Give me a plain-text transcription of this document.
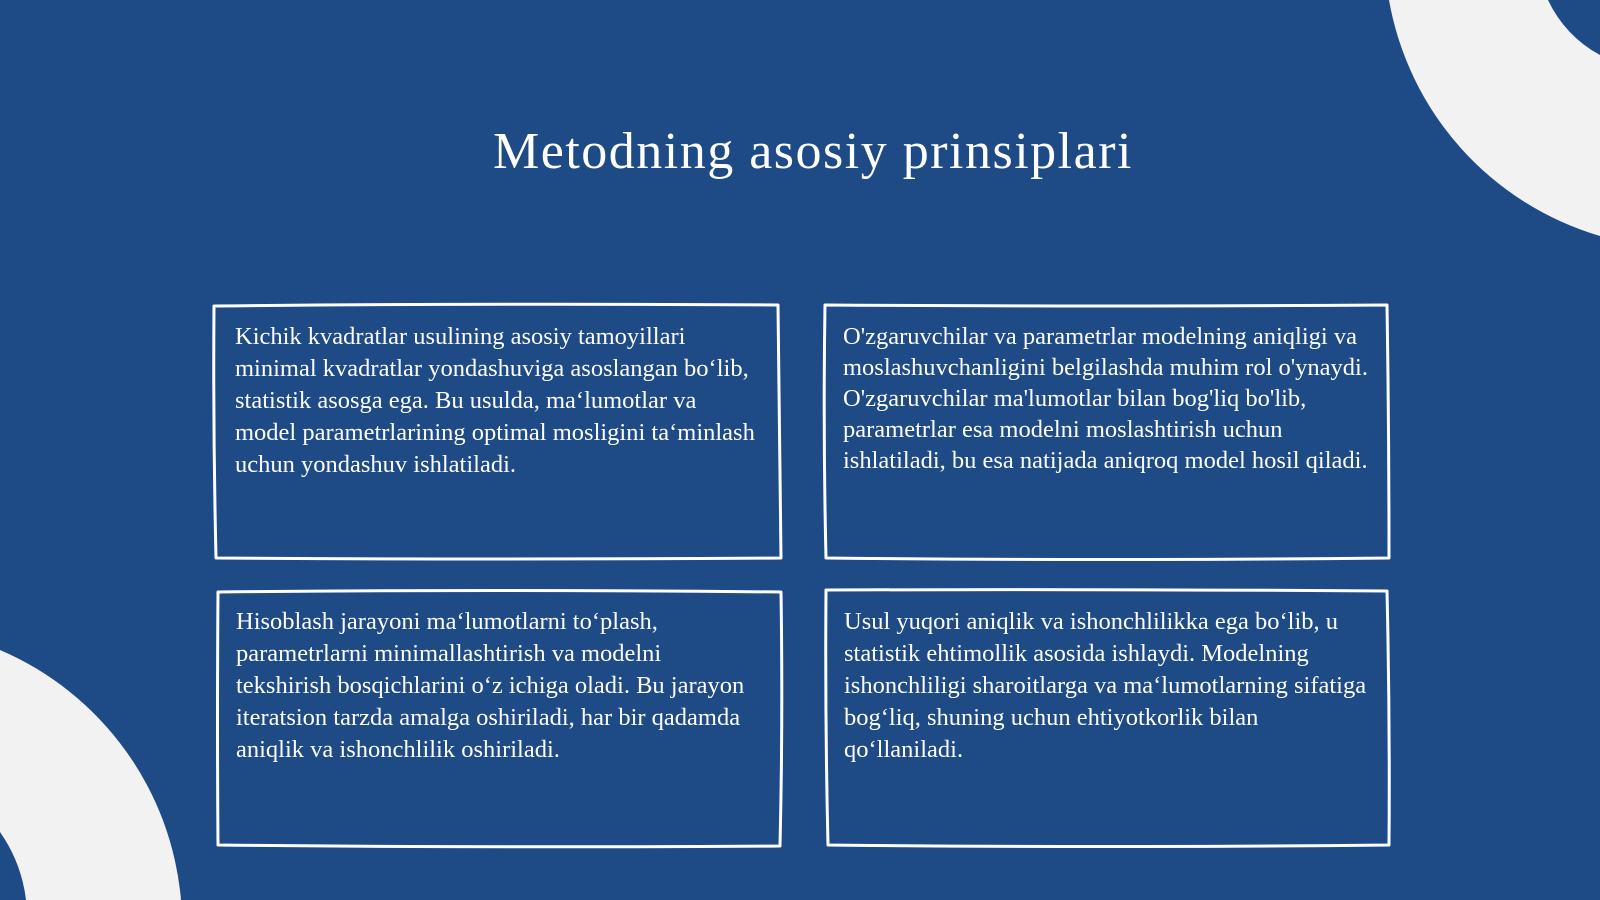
Metodning asosiy prinsiplari

Kichik kvadratlar usulining asosiy tamoyillari minimal kvadratlar yondashuviga asoslangan bo‘lib, statistik asosga ega. Bu usulda, ma‘lumotlar va model parametrlarining optimal mosligini ta‘minlash uchun yondashuv ishlatiladi.

O'zgaruvchilar va parametrlar modelning aniqligi va moslashuvchanligini belgilashda muhim rol o'ynaydi. O'zgaruvchilar ma'lumotlar bilan bog'liq bo'lib, parametrlar esa modelni moslashtirish uchun ishlatiladi, bu esa natijada aniqroq model hosil qiladi.

Hisoblash jarayoni ma‘lumotlarni to‘plash, parametrlarni minimallashtirish va modelni tekshirish bosqichlarini o‘z ichiga oladi. Bu jarayon iteratsion tarzda amalga oshiriladi, har bir qadamda aniqlik va ishonchlilik oshiriladi.

Usul yuqori aniqlik va ishonchlilikka ega bo‘lib, u statistik ehtimollik asosida ishlaydi. Modelning ishonchliligi sharoitlarga va ma‘lumotlarning sifatiga bog‘liq, shuning uchun ehtiyotkorlik bilan qo‘llaniladi.
